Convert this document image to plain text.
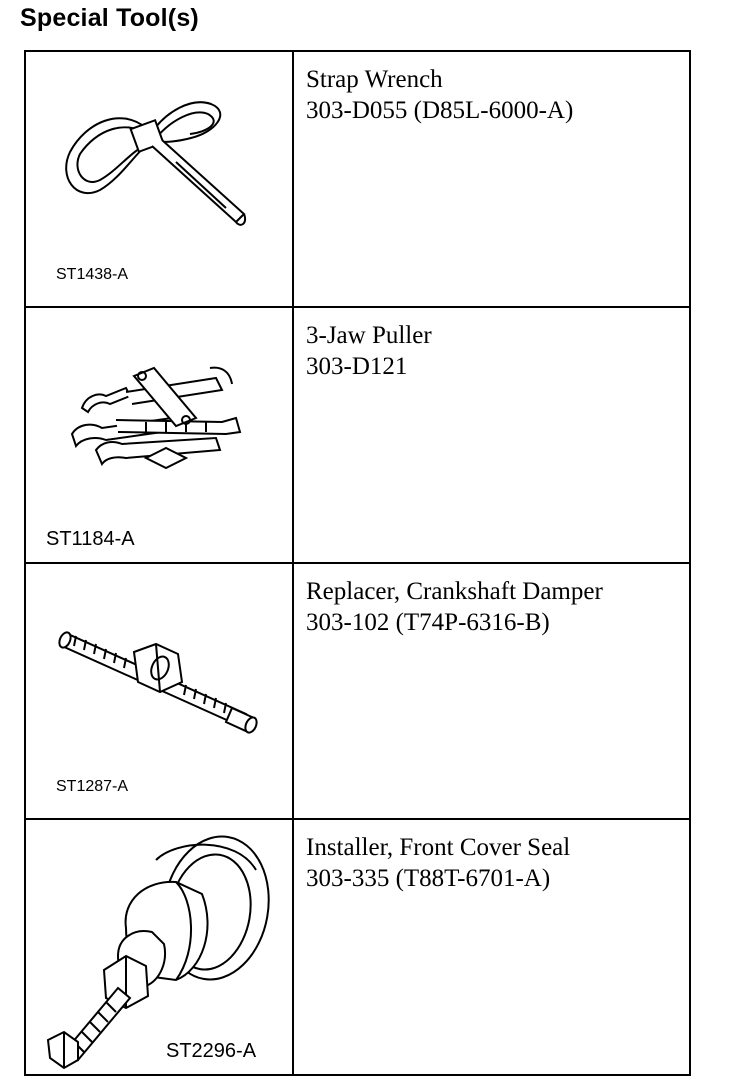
Special Tool(s)
ST1438-A
Strap Wrench
303-D055 (D85L-6000-A)
ST1184-A
3-Jaw Puller
303-D121
ST1287-A
Replacer, Crankshaft Damper
303-102 (T74P-6316-B)
ST2296-A
Installer, Front Cover Seal
303-335 (T88T-6701-A)
